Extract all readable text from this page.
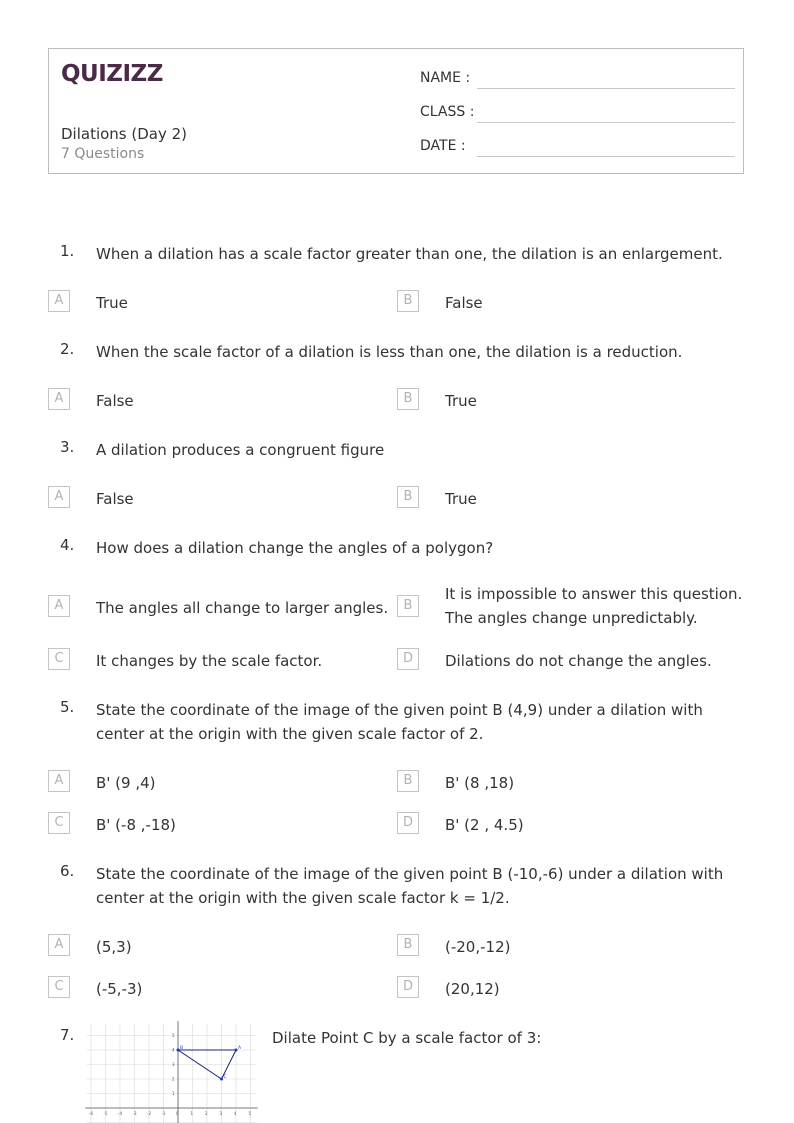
QUIZIZZ
Dilations (Day 2)
7 Questions
NAME :
CLASS :
DATE :
1.	When a dilation has a scale factor greater than one, the dilation is an enlargement.
A	True	B	False
2.	When the scale factor of a dilation is less than one, the dilation is a reduction.
A	False	B	True
3.	A dilation produces a congruent figure
A	False	B	True
4.	How does a dilation change the angles of a polygon?
A	The angles all change to larger angles.	B
It is impossible to answer this question. The angles change unpredictably.
C	It changes by the scale factor.	D	Dilations do not change the angles.
5.	State the coordinate of the image of the given point B (4,9) under a dilation with center at the origin with the given scale factor of 2.
A	B' (9 ,4)	B	B' (8 ,18)
C	B' (-8 ,-18)	D	B' (2 , 4.5)
6.	State the coordinate of the image of the given point B (-10,-6) under a dilation with center at the origin with the given scale factor k = 1/2.
A	(5,3)	B	(-20,-12)
C	(-5,-3)	D	(20,12)
7.	Dilate Point C by a scale factor of 3:
-6	-5	-4	-3	-2	-1	0	1	2	3	4	5
5
4
3
2
1
B	A
C
